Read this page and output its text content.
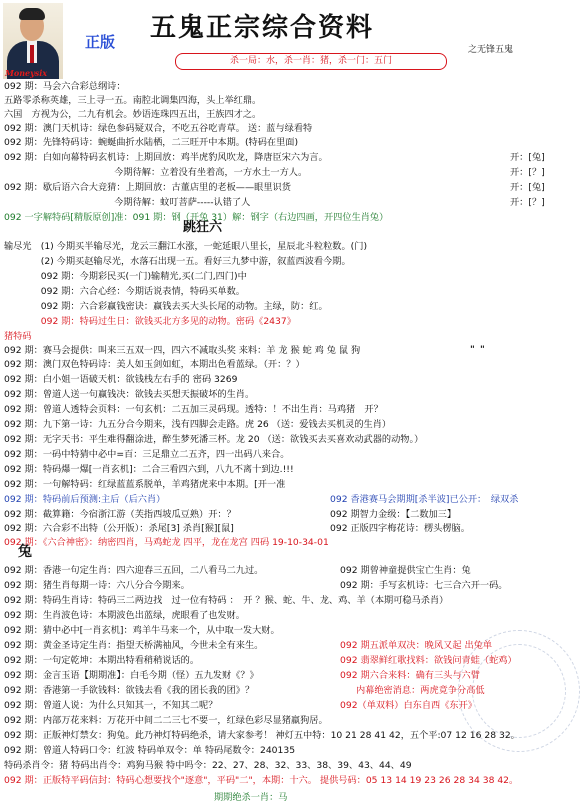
Moneysix
正版 五鬼正宗综合资料
杀一局：水，杀一肖：猪，杀一门：五门
之无锋五鬼
跳狂六
兔
092 期：马会六合彩总纲诗：
五路零杀称英雄，三上寻一五。南腔北调集四海，头上举红鼎。
六国　方视为公，二九有机会。妙语连珠四五出，王族四才之。
092 期：澳门天机诗：绿色参码疑双合，不吃五谷吃青草。 送：蓝与绿看特
092 期：先锋特码诗：蜿蜒曲折水陆栖，二三旺开中本期。(特码在里面)
092 期：白如向幕特码玄机诗：上期回放：鸡半虎豹风吹龙，降唐臣宋六为言。
　　　　　　　　　　　　今期待解：立着没有坐着高，一方水土一方人。
092 期：歇后语六合大竞猜：上期回放：古董店里的老板——眼里识货
　　　　　　　　　　　　今期待解：蚊叮菩萨-----认错了人
092 一字解特码[精版原创]准：091 期：钢（开兔 31）解：钢字（右边四画，开四位生肖兔）
输尽光　(1) 今期买半输尽光，龙云三翻江水涨，一蛇延眼八里长，星辰北斗粒粒数。(门)
　　　　(2) 今期买赵输尽光，水落石出现一五。看好三九梦中游，叙蓝西波看今期。
　　　　092 期：今期彩民买(一门)输精光,买(二门,四门)中
　　　　092 期：六合心经：今期话说表情，特码买单数。
　　　　092 期：六合彩赢钱密诀：赢钱去买大头长尾的动物。主绿，防：红。
　　　　092 期：特码过生日：欲钱买北方多见的动物。密码《2437》
猪特码
092 期：赛马会提供：叫来三五双一四，四六不减取头奖 来料：羊 龙 猴 蛇 鸡 兔 鼠 狗
092 期：澳门双色特码诗：美人如玉剑如虹，本期出色看蓝绿。（开：？）
092 期：白小姐一语破天机：欲钱栈左右手的 密码 3269
092 期：曾道人送一句赢钱决：欲钱去买想天振破坏的生肖。
092 期：曾道人透特会页料：一句玄机：二五加三灵码现。透特：！不出生肖：马鸡猪　开？
092 期：九下第一诗：九五分合今期来，浅有四脚会走路。虎 26 （送：爱钱去买机灵的生肖）
092 期：无字天书：平生难得翻涂进，醉生梦死潘三杯。龙 20 （送：欲钱买去买喜欢动武器的动物。）
092 期：一码中特猜中必中=百：三足鼎立二五齐，四一出码八来合。
092 期：特码爆一爆[一肖玄机]：二合三看四六到，八九不离十到边.!!!
092 期：一句解特码：红绿蓝蓝系脱单，羊鸡猪虎来中本期。[开一准
092 期：特码前后预测:主后（后六肖）
092 期：截算籍：今宿浙江游（芙指西坡瓜豆熟）开：？
092 期：六合彩不出特（公开版）：杀尾[3] 杀肖[猴][鼠]
092 期：《六合神密》：纳密四肖，马鸡蛇龙 四平，龙在龙宫 四码 19-10-34-01
092 期：香港一句定生肖：四六迎春三五回，二八看马二九过。
092 期：猪生肖每期一诗：六八分合今期来。
092 期：特码生肖诗：特码三二两边找　过一位有特码 ：　开 ？猴、蛇、牛、龙、鸡、羊（本期可稳马杀肖）
092 期：生肖波色诗：本期波色出蓝绿，虎眼看了也发财。
092 期：猜中必中[一肖玄机]：鸡羊牛马来一个，从中取一发大财。
092 期：黄金圣诗定生肖：指望天桥满袖风，今世未全有来生。
092 期：一句定乾坤：本期出特看稍稍说话的。
092 期：金言玉语【期期准】：白毛今期（怪）五九发财《？》
092 期：香港第一手欲钱料：欲钱去看《我的团长我的团》？
092 期：曾道人说：为什么只知其一，不知其二呢？
092 期：内部万花来料：万花开中间二二三七不要一，红绿色彩尽显猪羸狗居。
092 期：正版神灯禁女：狗兔。此乃神灯特码绝杀，请大家参考！ 神灯五中特：10 21 28 41 42，五个平:07 12 16 28 32。
092 期：曾道人特码口令：红波 特码单双令：单 特码尾数令：240135
特码杀肖令：猪 特码出肖令：鸡狗马猴 特中吗令：22、27、28、32、33、38、39、43、44、49
092 期：正版特平码信封：特码心想要找个"逐意"，平码"二"，本期：十六。 提供号码：05 13 14 19 23 26 28 34 38 42。
期期绝杀一肖：马
开：[兔]
开：[？]
开：[兔]
开：[？]
092 香港赛马会期期[杀半波]已公开：　绿双杀
092 期智力金级：【二数加三】
092 正版四字梅花诗：楞头楞脑。
092 期曾神童提供宝亡生肖：兔
092 期：手写玄机诗：七三合六开一码。
092 期五派单双决：晚风又起 出兔单
092 翡翠鲜红歌找料：欲钱问青蛙（蛇鸡）
092 期六合来料：确有三头与六臂
内幕绝密消息：两虎竟争分高低
092（单双料）白东自西《东开》
" "
